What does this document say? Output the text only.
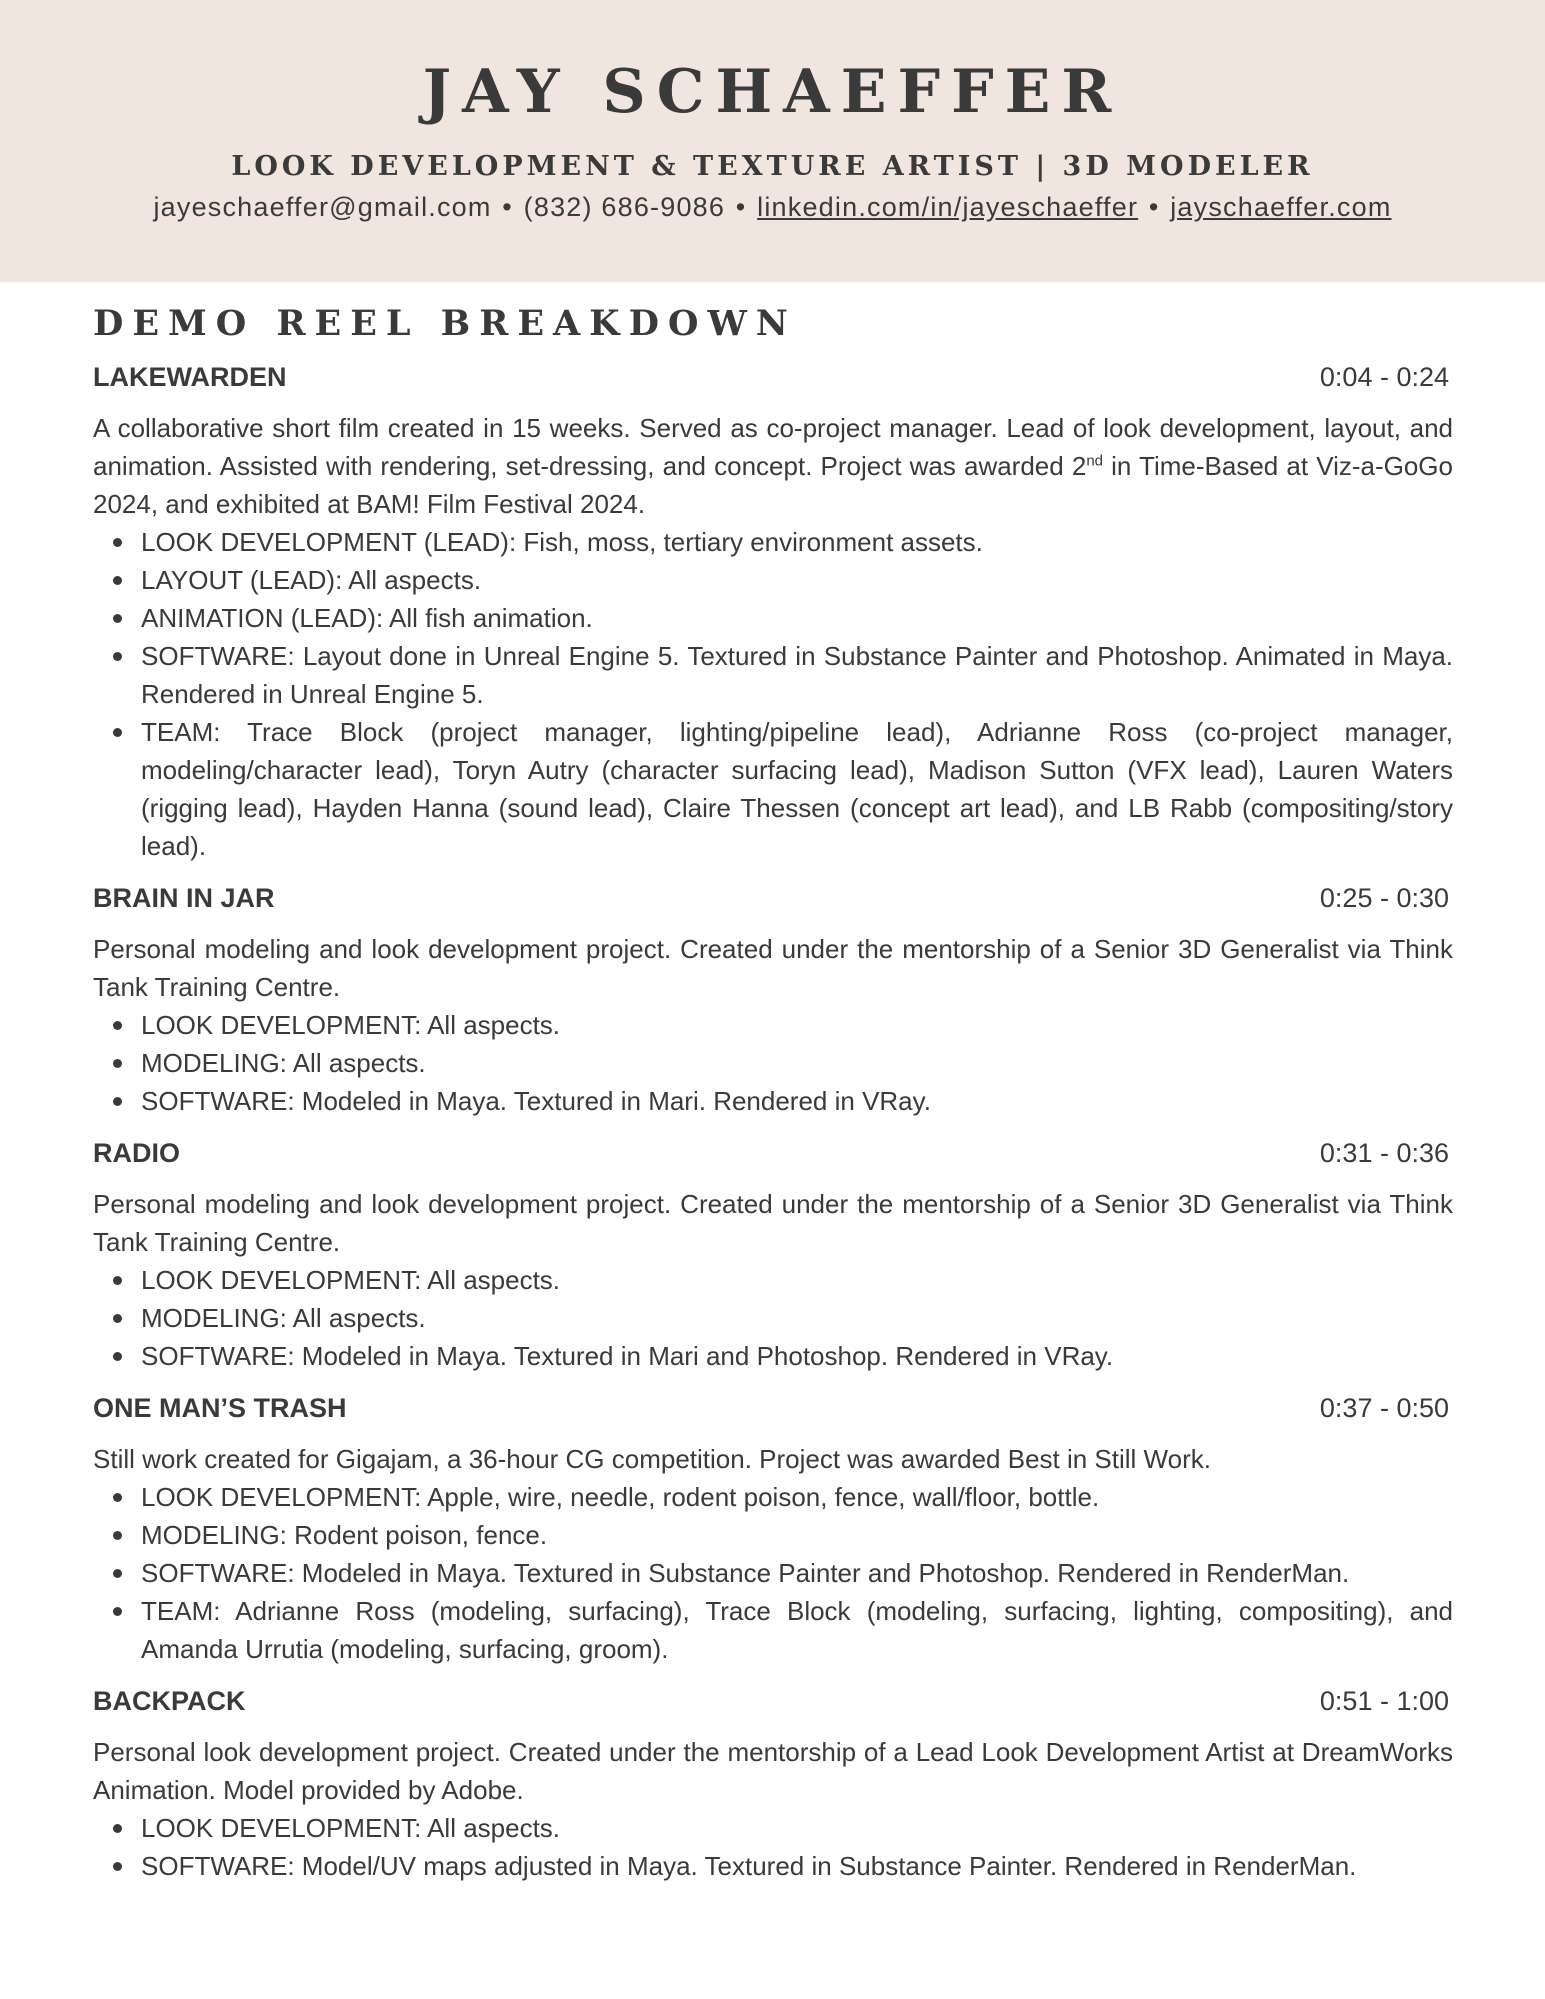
JAY SCHAEFFER
LOOK DEVELOPMENT & TEXTURE ARTIST | 3D MODELER
jayeschaeffer@gmail.com • (832) 686-9086 • linkedin.com/in/jayeschaeffer • jayschaeffer.com
DEMO REEL BREAKDOWN
LAKEWARDEN	0:04 - 0:24

A collaborative short film created in 15 weeks. Served as co-project manager. Lead of look development, layout, and animation. Assisted with rendering, set-dressing, and concept. Project was awarded 2nd in Time-Based at Viz-a-GoGo 2024, and exhibited at BAM! Film Festival 2024.

LOOK DEVELOPMENT (LEAD): Fish, moss, tertiary environment assets.
LAYOUT (LEAD): All aspects.
ANIMATION (LEAD): All fish animation.
SOFTWARE: Layout done in Unreal Engine 5. Textured in Substance Painter and Photoshop. Animated in Maya. Rendered in Unreal Engine 5.
TEAM: Trace Block (project manager, lighting/pipeline lead), Adrianne Ross (co-project manager, modeling/character lead), Toryn Autry (character surfacing lead), Madison Sutton (VFX lead), Lauren Waters (rigging lead), Hayden Hanna (sound lead), Claire Thessen (concept art lead), and LB Rabb (compositing/story lead).
BRAIN IN JAR	0:25 - 0:30

Personal modeling and look development project. Created under the mentorship of a Senior 3D Generalist via Think Tank Training Centre.

LOOK DEVELOPMENT: All aspects.
MODELING: All aspects.
SOFTWARE: Modeled in Maya. Textured in Mari. Rendered in VRay.
RADIO	0:31 - 0:36

Personal modeling and look development project. Created under the mentorship of a Senior 3D Generalist via Think Tank Training Centre.

LOOK DEVELOPMENT: All aspects.
MODELING: All aspects.
SOFTWARE: Modeled in Maya. Textured in Mari and Photoshop. Rendered in VRay.
ONE MAN’S TRASH	0:37 - 0:50

Still work created for Gigajam, a 36-hour CG competition. Project was awarded Best in Still Work.

LOOK DEVELOPMENT: Apple, wire, needle, rodent poison, fence, wall/floor, bottle.
MODELING: Rodent poison, fence.
SOFTWARE: Modeled in Maya. Textured in Substance Painter and Photoshop. Rendered in RenderMan.
TEAM: Adrianne Ross (modeling, surfacing), Trace Block (modeling, surfacing, lighting, compositing), and Amanda Urrutia (modeling, surfacing, groom).
BACKPACK	0:51 - 1:00

Personal look development project. Created under the mentorship of a Lead Look Development Artist at DreamWorks Animation. Model provided by Adobe.

LOOK DEVELOPMENT: All aspects.
SOFTWARE: Model/UV maps adjusted in Maya. Textured in Substance Painter. Rendered in RenderMan.
